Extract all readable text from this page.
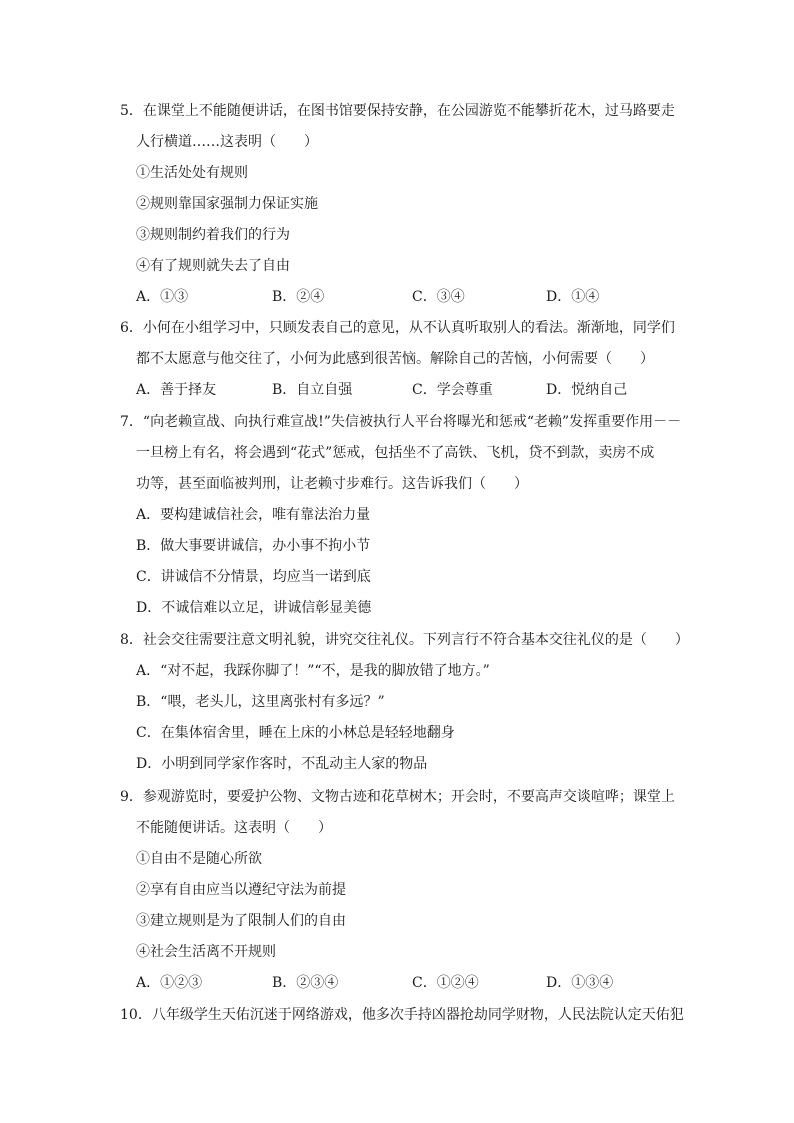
5．在课堂上不能随便讲话，在图书馆要保持安静，在公园游览不能攀折花木，过马路要走
人行横道……这表明（　　）
①生活处处有规则
②规则靠国家强制力保证实施
③规则制约着我们的行为
④有了规则就失去了自由
A．①③	B．②④	C．③④	D．①④
6．小何在小组学习中，只顾发表自己的意见，从不认真听取别人的看法。渐渐地，同学们
都不太愿意与他交往了，小何为此感到很苦恼。解除自己的苦恼，小何需要（　　）
A．善于择友	B．自立自强	C．学会尊重	D．悦纳自己
7．“向老赖宣战、向执行难宣战!”失信被执行人平台将曝光和惩戒“老赖”发挥重要作用－－
一旦榜上有名，将会遇到“花式”惩戒，包括坐不了高铁、飞机，贷不到款，卖房不成
功等，甚至面临被判刑，让老赖寸步难行。这告诉我们（　　）
A．要构建诚信社会，唯有靠法治力量
B．做大事要讲诚信，办小事不拘小节
C．讲诚信不分情景，均应当一诺到底
D．不诚信难以立足，讲诚信彰显美德
8．社会交往需要注意文明礼貌，讲究交往礼仪。下列言行不符合基本交往礼仪的是（　　）
A．“对不起，我踩你脚了！”“不，是我的脚放错了地方。”
B．“喂，老头儿，这里离张村有多远？”
C．在集体宿舍里，睡在上床的小林总是轻轻地翻身
D．小明到同学家作客时，不乱动主人家的物品
9．参观游览时，要爱护公物、文物古迹和花草树木；开会时，不要高声交谈喧哗；课堂上
不能随便讲话。这表明（　　）
①自由不是随心所欲
②享有自由应当以遵纪守法为前提
③建立规则是为了限制人们的自由
④社会生活离不开规则
A．①②③	B．②③④	C．①②④	D．①③④
10．八年级学生天佑沉迷于网络游戏，他多次手持凶器抢劫同学财物，人民法院认定天佑犯
